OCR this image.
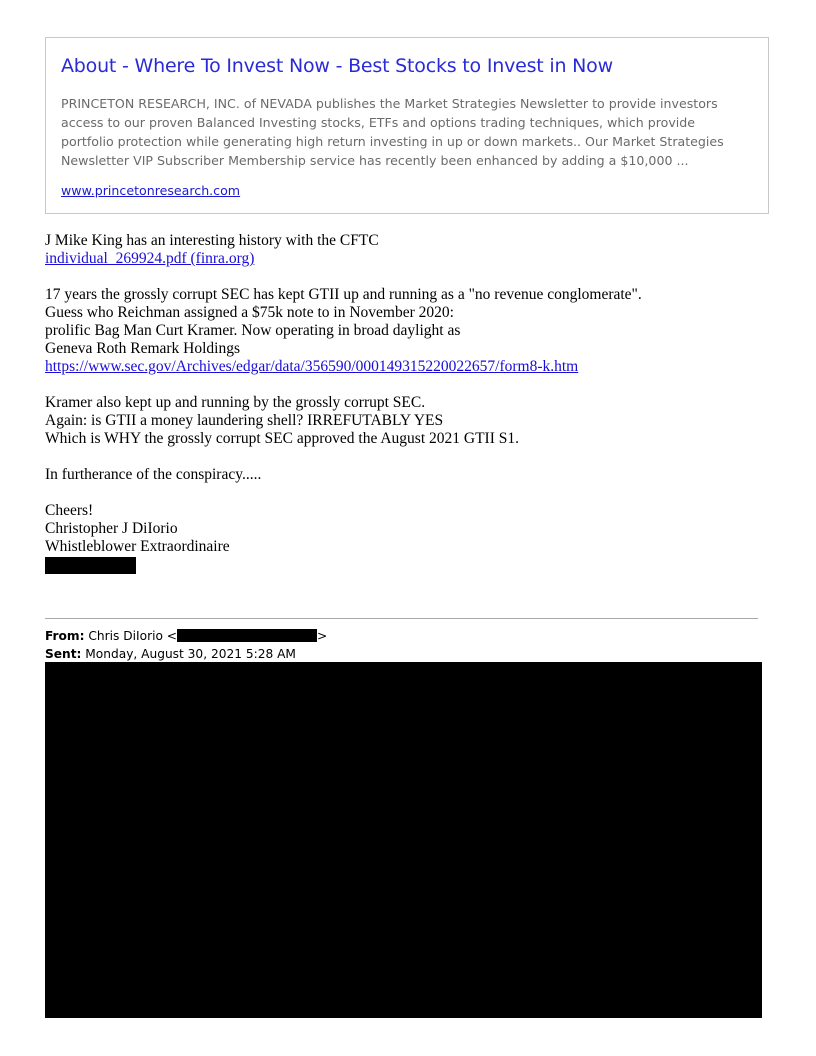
About - Where To Invest Now - Best Stocks to Invest in Now
PRINCETON RESEARCH, INC. of NEVADA publishes the Market Strategies Newsletter to provide investors access to our proven Balanced Investing stocks, ETFs and options trading techniques, which provide portfolio protection while generating high return investing in up or down markets.. Our Market Strategies Newsletter VIP Subscriber Membership service has recently been enhanced by adding a $10,000 ...
www.princetonresearch.com

J Mike King has an interesting history with the CFTC

individual_269924.pdf (finra.org)

17 years the grossly corrupt SEC has kept GTII up and running as a "no revenue conglomerate".

Guess who Reichman assigned a $75k note to in November 2020:

prolific Bag Man Curt Kramer. Now operating in broad daylight as

Geneva Roth Remark Holdings

https://www.sec.gov/Archives/edgar/data/356590/000149315220022657/form8-k.htm

Kramer also kept up and running by the grossly corrupt SEC.

Again: is GTII a money laundering shell? IRREFUTABLY YES

Which is WHY the grossly corrupt SEC approved the August 2021 GTII S1.

In furtherance of the conspiracy.....

Cheers!

Christopher J DiIorio

Whistleblower Extraordinaire

From: Chris DiIorio <	>
Sent: Monday, August 30, 2021 5:28 AM
